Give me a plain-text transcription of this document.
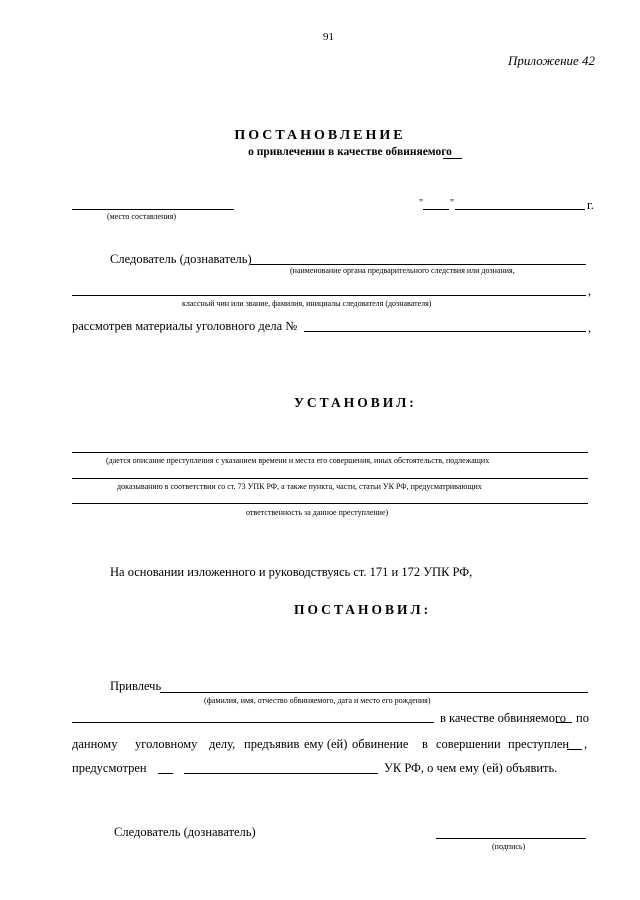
91
Приложение 42
ПОСТАНОВЛЕНИЕ
о привлечении в качестве обвиняемого
(место составления)
"	"	г.
Следователь (дознаватель)
(наименование органа предварительного следствия или дознания,
,
классный чин или звание, фамилия, инициалы следователя (дознавателя)
рассмотрев материалы уголовного дела №	,
УСТАНОВИЛ:
(дается описание преступления с указанием времени и места его совершения, иных обстоятельств, подлежащих
доказыванию в соответствии со ст. 73 УПК РФ, а также пункта, части, статьи УК РФ, предусматривающих
ответственность за данное преступление)
На основании изложенного и руководствуясь ст. 171 и 172 УПК РФ,
ПОСТАНОВИЛ:
Привлечь
(фамилия, имя, отчество обвиняемого, дата и место его рождения)
в качестве обвиняемого по
данному уголовному делу, предъявив ему (ей) обвинение в совершении преступлен ,
предусмотрен	УК РФ, о чем ему (ей) объявить.
Следователь (дознаватель)
(подпись)
